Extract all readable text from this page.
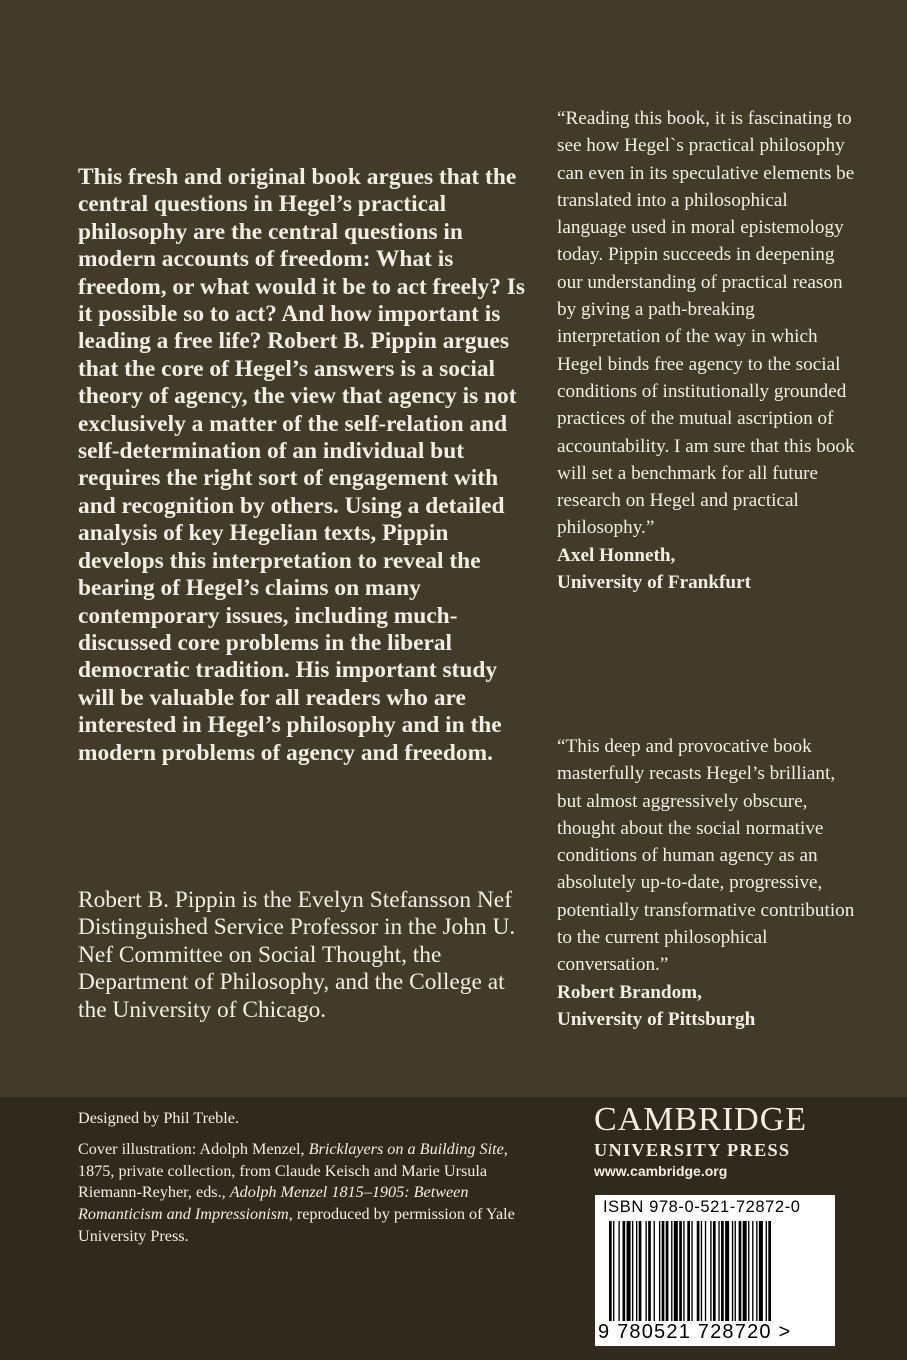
This fresh and original book argues that the central questions in Hegel’s practical philosophy are the central questions in modern accounts of freedom: What is freedom, or what would it be to act freely? Is it possible so to act? And how important is leading a free life? Robert B. Pippin argues that the core of Hegel’s answers is a social theory of agency, the view that agency is not exclusively a matter of the self-relation and self-determination of an individual but requires the right sort of engagement with and recognition by others. Using a detailed analysis of key Hegelian texts, Pippin develops this interpretation to reveal the bearing of Hegel’s claims on many contemporary issues, including much-discussed core problems in the liberal democratic tradition. His important study will be valuable for all readers who are interested in Hegel’s philosophy and in the modern problems of agency and freedom.

Robert B. Pippin is the Evelyn Stefansson Nef Distinguished Service Professor in the John U. Nef Committee on Social Thought, the Department of Philosophy, and the College at the University of Chicago.

“Reading this book, it is fascinating to see how Hegel`s practical philosophy can even in its speculative elements be translated into a philosophical language used in moral epistemology today. Pippin succeeds in deepening our understanding of practical reason by giving a path-breaking interpretation of the way in which Hegel binds free agency to the social conditions of institutionally grounded practices of the mutual ascription of accountability. I am sure that this book will set a benchmark for all future research on Hegel and practical philosophy.”

Axel Honneth,
University of Frankfurt

“This deep and provocative book masterfully recasts Hegel’s brilliant, but almost aggressively obscure, thought about the social normative conditions of human agency as an absolutely up-to-date, progressive, potentially transformative contribution to the current philosophical conversation.”

Robert Brandom,
University of Pittsburgh

Designed by Phil Treble.

Cover illustration: Adolph Menzel, Bricklayers on a Building Site, 1875, private collection, from Claude Keisch and Marie Ursula Riemann-Reyher, eds., Adolph Menzel 1815–1905: Between Romanticism and Impressionism, reproduced by permission of Yale University Press.

CAMBRIDGE
UNIVERSITY PRESS
www.cambridge.org
ISBN 978-0-521-72872-0
9 780521 728720 >
